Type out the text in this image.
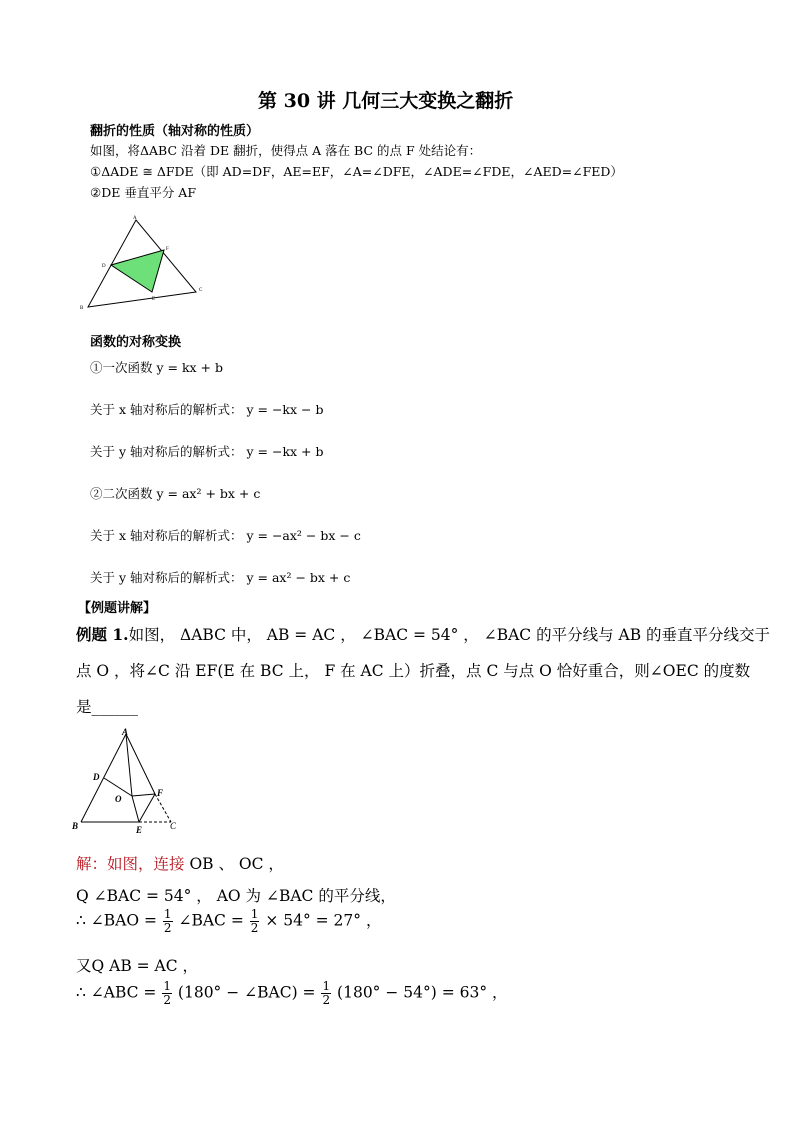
第 30 讲 几何三大变换之翻折
翻折的性质（轴对称的性质）
如图，将ΔABC 沿着 DE 翻折，使得点 A 落在 BC 的点 F 处结论有：
①ΔADE ≅ ΔFDE（即 AD=DF，AE=EF，∠A=∠DFE，∠ADE=∠FDE，∠AED=∠FED）
②DE 垂直平分 AF
A
B
C
D
E
F
函数的对称变换
①一次函数 y = kx + b
关于 x 轴对称后的解析式： y = −kx − b
关于 y 轴对称后的解析式： y = −kx + b
②二次函数 y = ax² + bx + c
关于 x 轴对称后的解析式： y = −ax² − bx − c
关于 y 轴对称后的解析式： y = ax² − bx + c
【例题讲解】
例题 1.如图， ΔABC 中， AB = AC ， ∠BAC = 54° ， ∠BAC 的平分线与 AB 的垂直平分线交于
点 O ，将∠C 沿 EF(E 在 BC 上， F 在 AC 上）折叠，点 C 与点 O 恰好重合，则∠OEC 的度数
是______
A
B	C
D
E
F
O
解：如图，连接 OB 、 OC ，
Q ∠BAC = 54° ， AO 为 ∠BAC 的平分线，
∴ ∠BAO = $\frac{1}{2}$ ∠BAC = $\frac{1}{2} \times 54^\circ = 27^\circ$ ，
又Q AB = AC ，
∴ ∠ABC = $\frac{1}{2} (180^\circ$ − ∠BAC) = $\frac{1}{2} (180^\circ - 54^\circ) = 63^\circ$ ，
